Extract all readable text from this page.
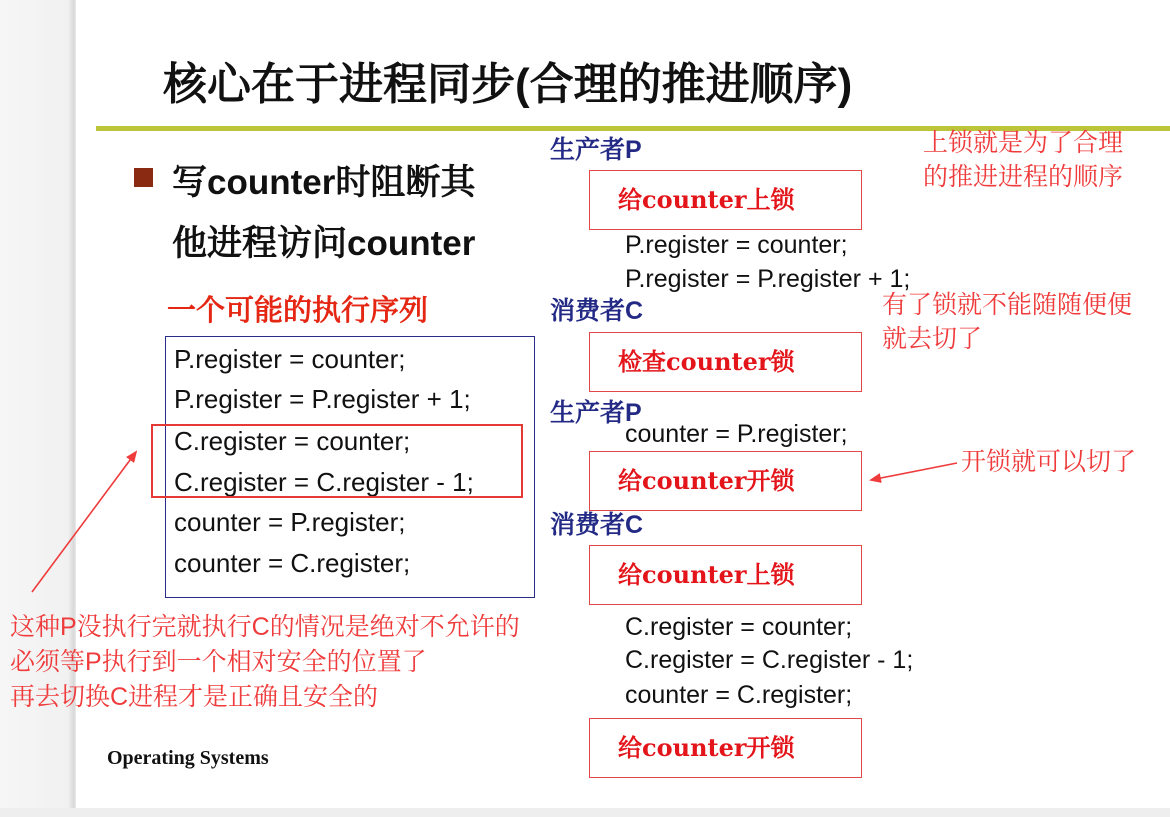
核心在于进程同步(合理的推进顺序)
写counter时阻断其
他进程访问counter
一个可能的执行序列
P.register = counter;
P.register = P.register + 1;
C.register = counter;
C.register = C.register - 1;
counter = P.register;
counter = C.register;
生产者P
给counter上锁
P.register = counter;
P.register = P.register + 1;
消费者C
检查counter锁
生产者P
counter = P.register;
给counter开锁
消费者C
给counter上锁
C.register = counter;
C.register = C.register - 1;
counter = C.register;
给counter开锁
上锁就是为了合理
的推进进程的顺序
有了锁就不能随随便便
就去切了
开锁就可以切了
这种P没执行完就执行C的情况是绝对不允许的
必须等P执行到一个相对安全的位置了
再去切换C进程才是正确且安全的
Operating Systems
